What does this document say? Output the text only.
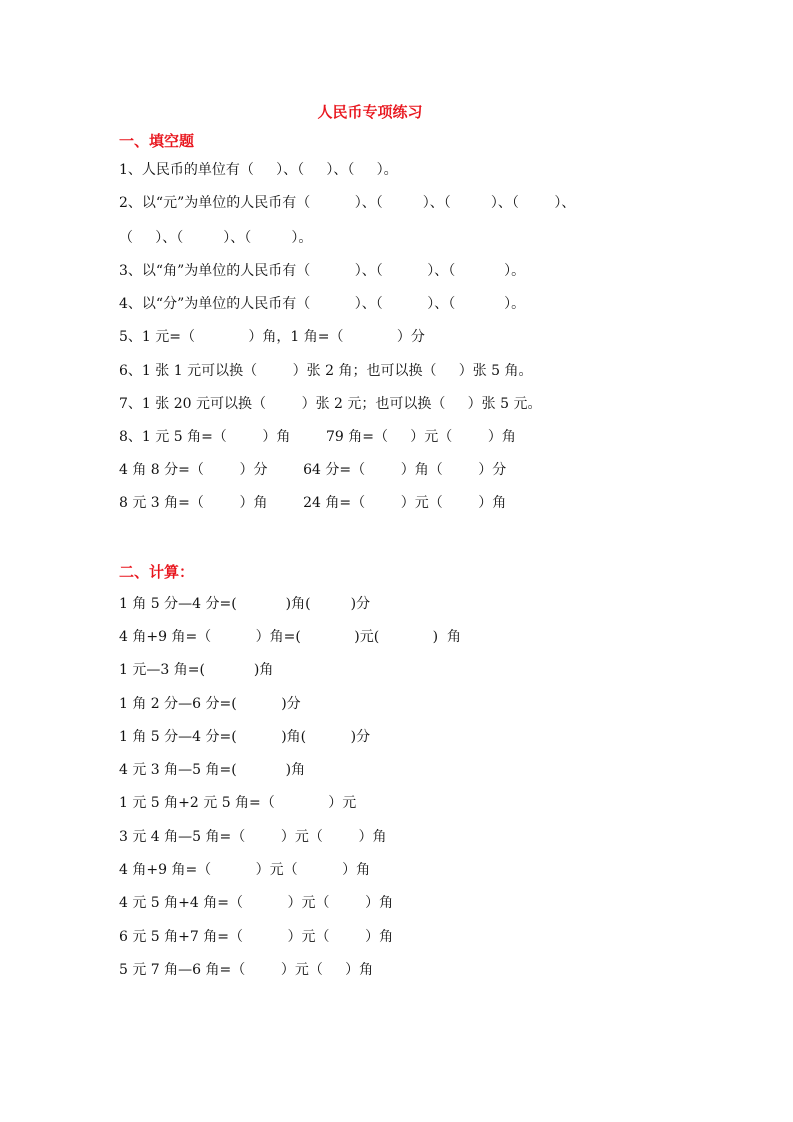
人民币专项练习
一、填空题
1、人民币的单位有（     ）、（     ）、（     ）。
2、以“元”为单位的人民币有（          ）、（         ）、（         ）、（        ）、
（     ）、（         ）、（         ）。
3、以“角”为单位的人民币有（          ）、（          ）、（           ）。
4、以“分”为单位的人民币有（          ）、（          ）、（           ）。
5、1 元=（            ）角，1 角=（            ）分
6、1 张 1 元可以换（        ）张 2 角；也可以换（     ）张 5 角。
7、1 张 20 元可以换（        ）张 2 元；也可以换（     ）张 5 元。
8、1 元 5 角=（        ）角        79 角=（     ）元（        ）角
4 角 8 分=（        ）分        64 分=（        ）角（        ）分
8 元 3 角=（        ）角        24 角=（        ）元（        ）角
二、计算：
1 角 5 分—4 分=(           )角(         )分
4 角+9 角=（          ）角=(            )元(            )  角
1 元—3 角=(           )角
1 角 2 分—6 分=(          )分
1 角 5 分—4 分=(          )角(          )分
4 元 3 角—5 角=(           )角
1 元 5 角+2 元 5 角=（            ）元
3 元 4 角—5 角=（        ）元（        ）角
4 角+9 角=（          ）元（          ）角
4 元 5 角+4 角=（          ）元（        ）角
6 元 5 角+7 角=（          ）元（        ）角
5 元 7 角—6 角=（        ）元（     ）角
